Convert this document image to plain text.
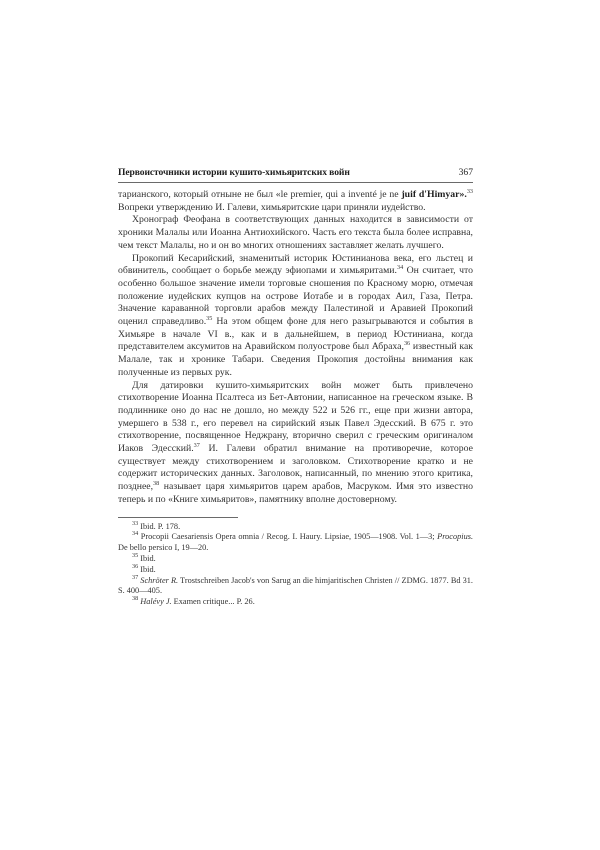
Первоисточники истории кушито-химьяритских войн	367

тарианского, который отныне не был «le premier, qui a inventé je ne juif d'Himyar».$^{33}$ Вопреки утверждению И. Галеви, химьяритские цари приняли иудейство.

Хронограф Феофана в соответствующих данных находится в зависимости от хроники Малалы или Иоанна Антиохийского. Часть его текста была более исправна, чем текст Малалы, но и он во многих отношениях заставляет желать лучшего.

Прокопий Кесарийский, знаменитый историк Юстинианова века, его льстец и обвинитель, сообщает о борьбе между эфиопами и химьяритами.$^{34}$ Он считает, что особенно большое значение имели торговые сношения по Красному морю, отмечая положение иудейских купцов на острове Иотабе и в городах Аил, Газа, Петра. Значение караванной торговли арабов между Палестиной и Аравией Прокопий оценил справедливо.$^{35}$ На этом общем фоне для него разыгрываются и события в Химьяре в начале VI в., как и в дальнейшем, в период Юстиниана, когда представителем аксумитов на Аравийском полуострове был Абраха,$^{36}$ известный как Малале, так и хронике Табари. Сведения Прокопия достойны внимания как полученные из первых рук.

Для датировки кушито-химьяритских войн может быть привлечено стихотворение Иоанна Псалтеса из Бет-Автонии, написанное на греческом языке. В подлиннике оно до нас не дошло, но между 522 и 526 гг., еще при жизни автора, умершего в 538 г., его перевел на сирийский язык Павел Эдесский. В 675 г. это стихотворение, посвященное Неджрану, вторично сверил с греческим оригиналом Иаков Эдесский.$^{37}$ И. Галеви обратил внимание на противоречие, которое существует между стихотворением и заголовком. Стихотворение кратко и не содержит исторических данных. Заголовок, написанный, по мнению этого критика, позднее,$^{38}$ называет царя химьяритов царем арабов, Масруком. Имя это известно теперь и по «Книге химьяритов», памятнику вполне достоверному.

$^{33}$ Ibid. P. 178.

$^{34}$ Procopii Caesariensis Opera omnia / Recog. I. Haury. Lipsiae, 1905—1908. Vol. 1—3; Procopius. De bello persico I, 19—20.

$^{35}$ Ibid.

$^{36}$ Ibid.

$^{37}$ Schröter R. Trostschreiben Jacob's von Sarug an die himjaritischen Christen // ZDMG. 1877. Bd 31. S. 400—405.

$^{38}$ Halévy J. Examen critique... P. 26.
